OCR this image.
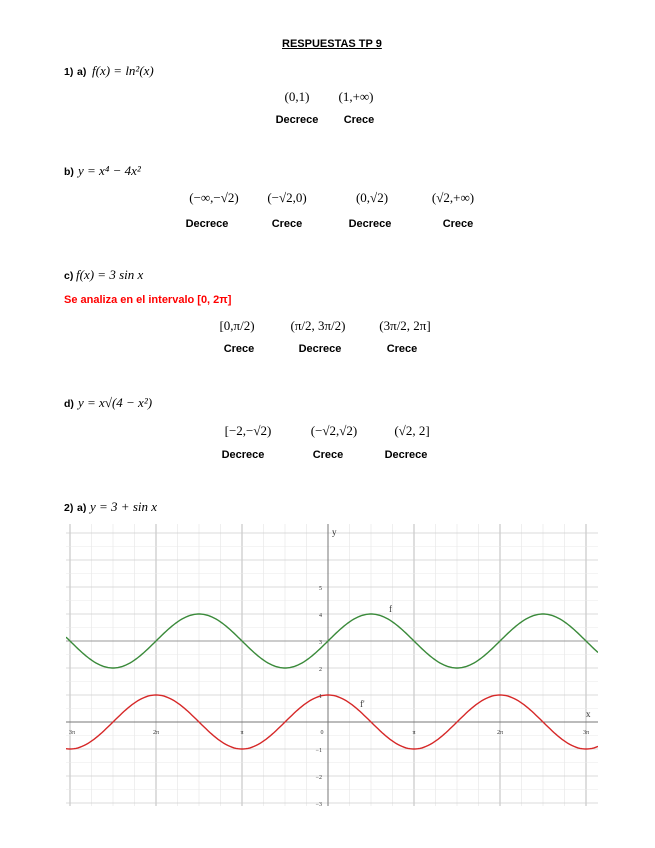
RESPUESTAS TP 9
1) a) f(x) = ln²(x)
(0,1) (1,+∞)
Decrece Crece
b) y = x⁴ − 4x²
(−∞,−√2) (−√2,0)	(0,√2)	(√2,+∞)
Decrece	Crece	Decrece	Crece
c) f(x) = 3 sin x
Se analiza en el intervalo [0, 2π]
[0,π/2)	(π/2, 3π/2)	(3π/2, 2π]
Crece	Decrece	Crece
d) y = x√(4 − x²)
[−2,−√2)	(−√2,√2)	(√2, 2]
Decrece	Crece	Decrece
2) a) y = 3 + sin x
f
f'
y
x
3π	2π	π	0	π	2π	3π
5
4
3
2
1
−1
−2
−3
